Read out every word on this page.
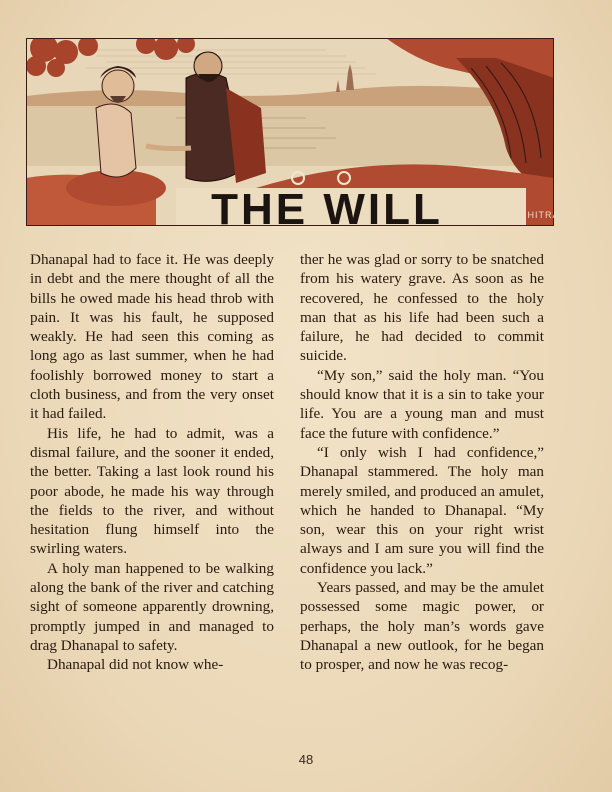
THE WILL	CHITRA

Dhanapal had to face it. He was deeply in debt and the mere thought of all the bills he owed made his head throb with pain. It was his fault, he supposed weakly. He had seen this coming as long ago as last summer, when he had foolishly borrowed money to start a cloth business, and from the very onset it had failed.

His life, he had to admit, was a dismal failure, and the sooner it ended, the better. Taking a last look round his poor abode, he made his way through the fields to the river, and without hesitation flung himself into the swirling waters.

A holy man happened to be walking along the bank of the river and catching sight of someone apparently drowning, promptly jumped in and managed to drag Dhanapal to safety.

Dhanapal did not know whe-

ther he was glad or sorry to be snatched from his watery grave. As soon as he recovered, he confessed to the holy man that as his life had been such a failure, he had decided to commit suicide.

“My son,” said the holy man. “You should know that it is a sin to take your life. You are a young man and must face the future with confidence.”

“I only wish I had confidence,” Dhanapal stammered. The holy man merely smiled, and produced an amulet, which he handed to Dhanapal. “My son, wear this on your right wrist always and I am sure you will find the confidence you lack.”

Years passed, and may be the amulet possessed some magic power, or perhaps, the holy man’s words gave Dhanapal a new outlook, for he began to prosper, and now he was recog-

48
